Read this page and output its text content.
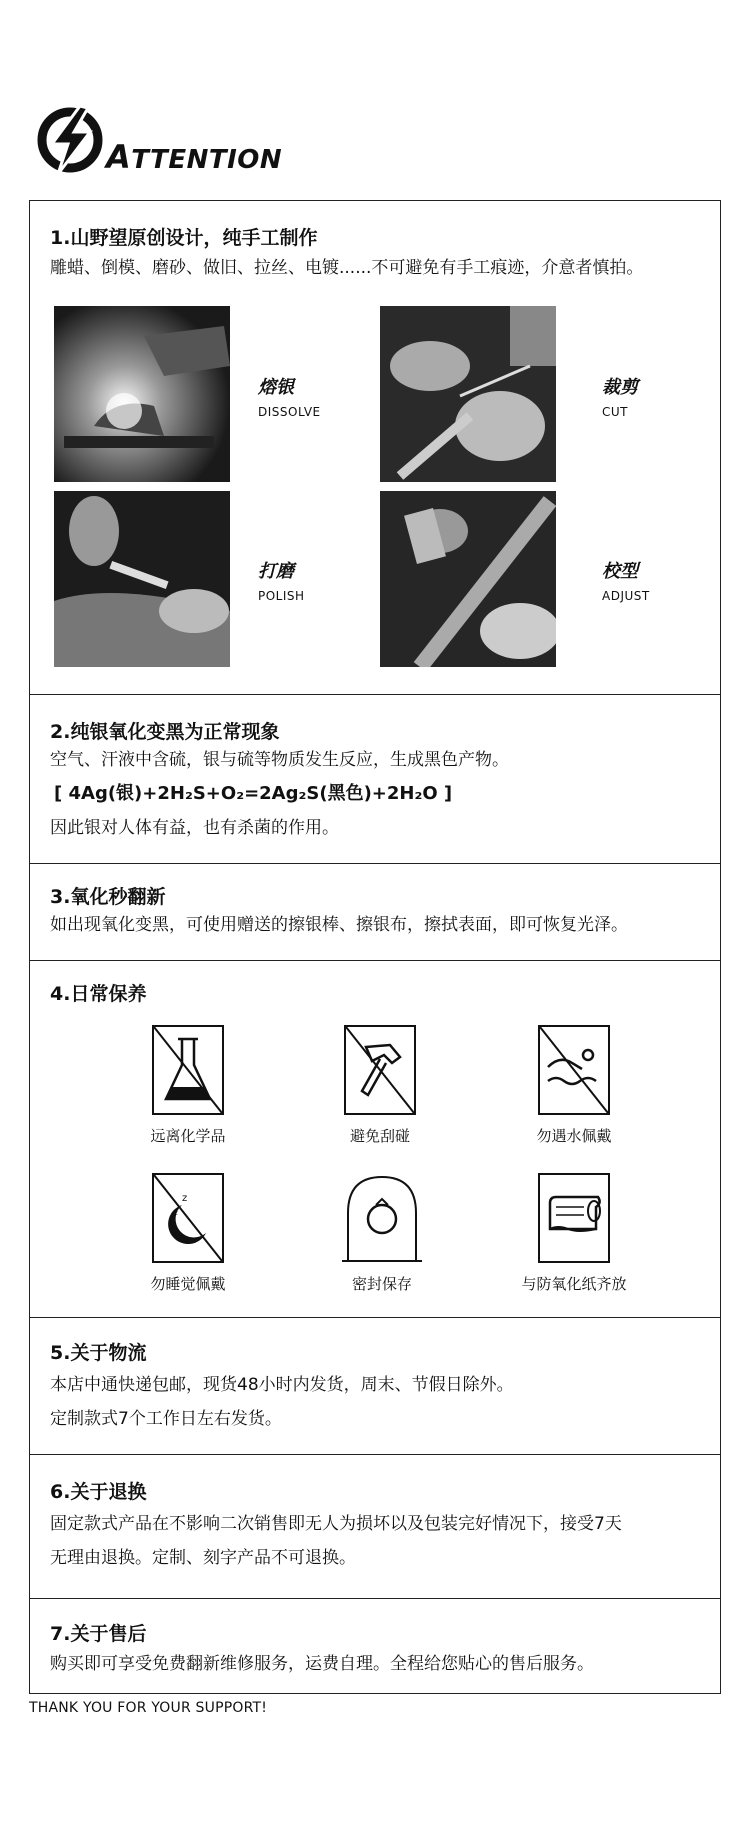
ATTENTION
1.山野望原创设计，纯手工制作
雕蜡、倒模、磨砂、做旧、拉丝、电镀......不可避免有手工痕迹，介意者慎拍。
熔银
DISSOLVE
裁剪
CUT
打磨
POLISH
校型
ADJUST
2.纯银氧化变黑为正常现象
空气、汗液中含硫，银与硫等物质发生反应，生成黑色产物。
[ 4Ag(银)+2H₂S+O₂=2Ag₂S(黑色)+2H₂O ]
因此银对人体有益，也有杀菌的作用。
3.氧化秒翻新
如出现氧化变黑，可使用赠送的擦银棒、擦银布，擦拭表面，即可恢复光泽。
4.日常保养
远离化学品	避免刮碰	勿遇水佩戴
z
z
勿睡觉佩戴	密封保存	与防氧化纸齐放
5.关于物流
本店中通快递包邮，现货48小时内发货，周末、节假日除外。
定制款式7个工作日左右发货。
6.关于退换
固定款式产品在不影响二次销售即无人为损坏以及包装完好情况下，接受7天
无理由退换。定制、刻字产品不可退换。
7.关于售后
购买即可享受免费翻新维修服务，运费自理。全程给您贴心的售后服务。
THANK YOU FOR YOUR SUPPORT!
